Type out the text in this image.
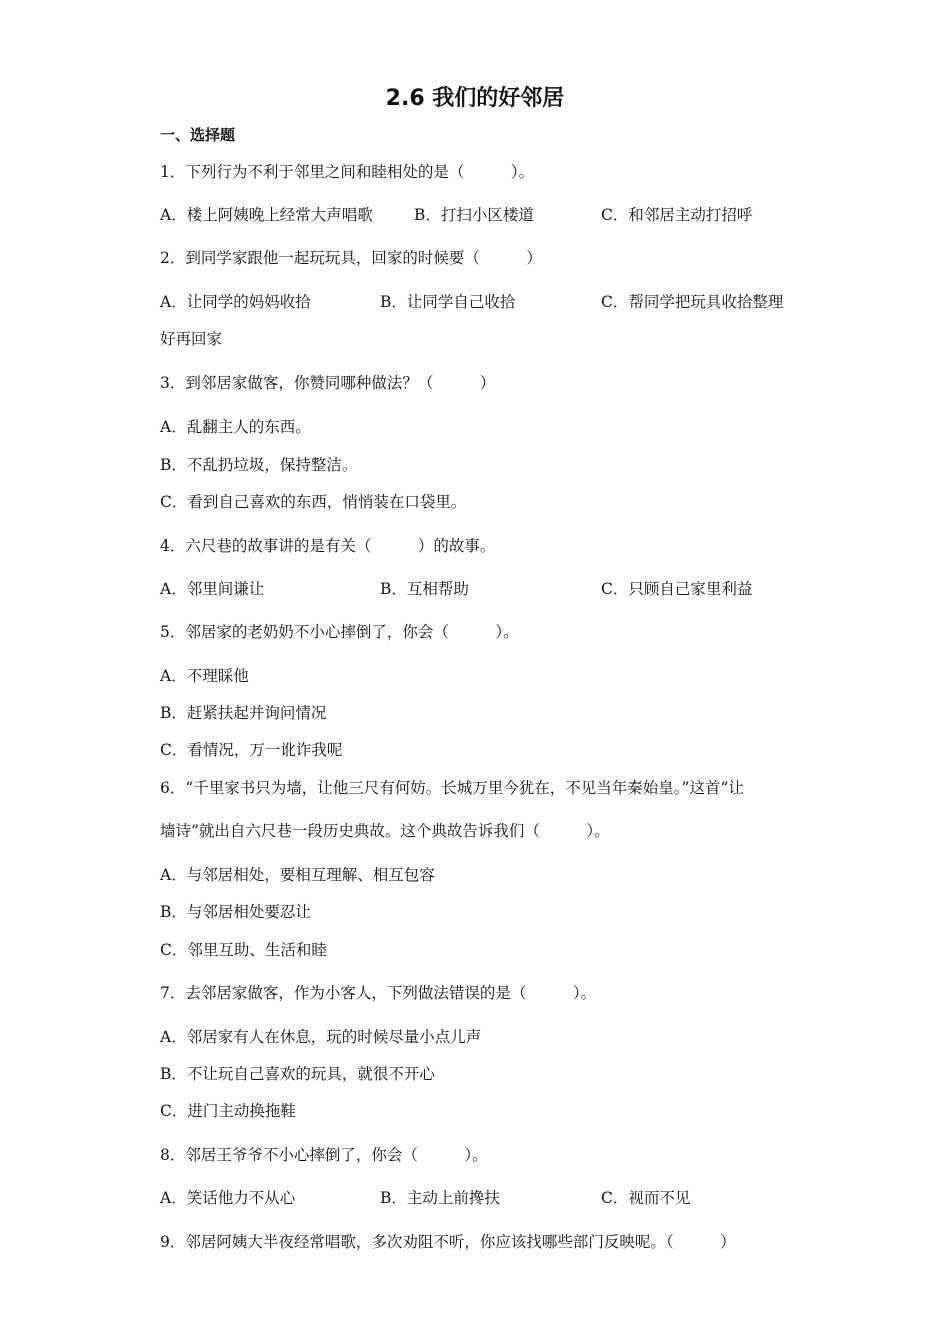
2.6 我们的好邻居
一、选择题
1．下列行为不利于邻里之间和睦相处的是（　　　）。
A．楼上阿姨晚上经常大声唱歌	B．打扫小区楼道	C．和邻居主动打招呼
2．到同学家跟他一起玩玩具，回家的时候要（　　　）
A．让同学的妈妈收拾	B．让同学自己收拾	C．帮同学把玩具收拾整理
好再回家
3．到邻居家做客，你赞同哪种做法？（　　　）
A．乱翻主人的东西。
B．不乱扔垃圾，保持整洁。
C．看到自己喜欢的东西，悄悄装在口袋里。
4．六尺巷的故事讲的是有关（　　　）的故事。
A．邻里间谦让	B．互相帮助	C．只顾自己家里利益
5．邻居家的老奶奶不小心摔倒了，你会（　　　）。
A．不理睬他
B．赶紧扶起并询问情况
C．看情况，万一讹诈我呢
6．“千里家书只为墙，让他三尺有何妨。长城万里今犹在，不见当年秦始皇。”这首“让
墙诗”就出自六尺巷一段历史典故。这个典故告诉我们（　　　）。
A．与邻居相处，要相互理解、相互包容
B．与邻居相处要忍让
C．邻里互助、生活和睦
7．去邻居家做客，作为小客人，下列做法错误的是（　　　）。
A．邻居家有人在休息，玩的时候尽量小点儿声
B．不让玩自己喜欢的玩具，就很不开心
C．进门主动换拖鞋
8．邻居王爷爷不小心摔倒了，你会（　　　）。
A．笑话他力不从心	B．主动上前搀扶	C．视而不见
9．邻居阿姨大半夜经常唱歌，多次劝阻不听，你应该找哪些部门反映呢。（　　　）
